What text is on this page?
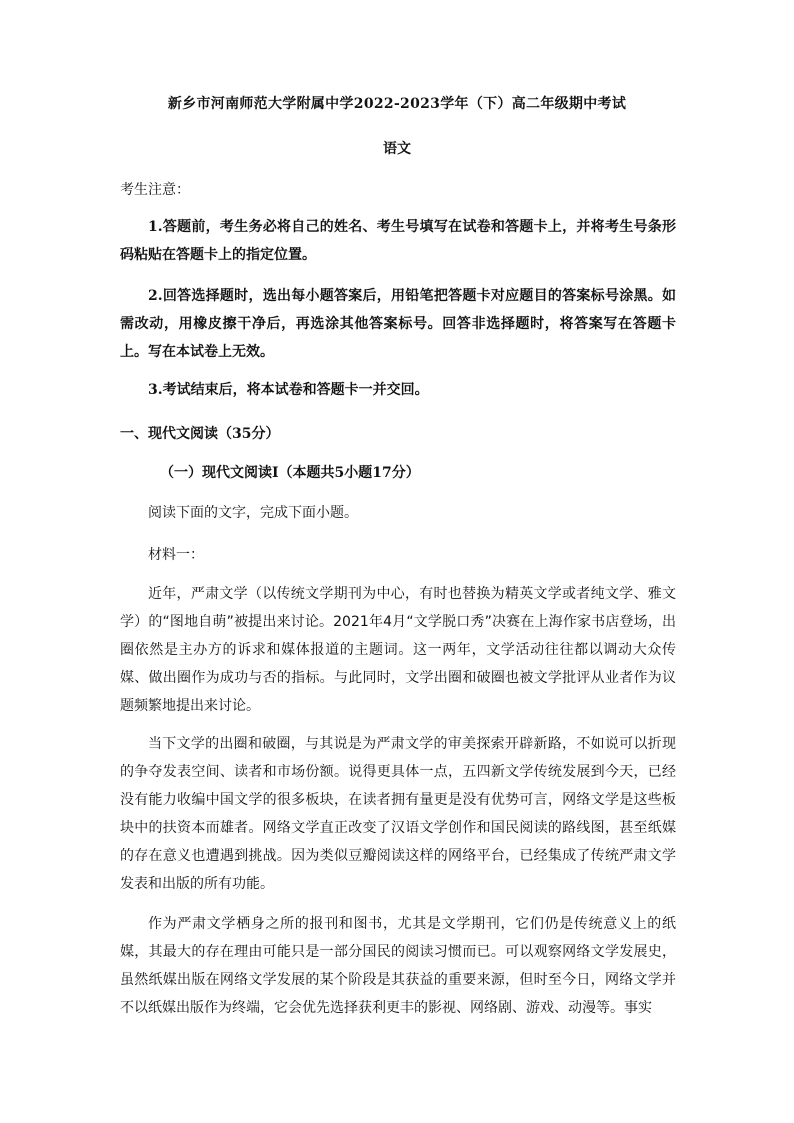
新乡市河南师范大学附属中学2022-2023学年（下）高二年级期中考试
语文
考生注意：
1.答题前，考生务必将自己的姓名、考生号填写在试卷和答题卡上，并将考生号条形码粘贴在答题卡上的指定位置。
2.回答选择题时，选出每小题答案后，用铅笔把答题卡对应题目的答案标号涂黑。如需改动，用橡皮擦干净后，再选涂其他答案标号。回答非选择题时，将答案写在答题卡上。写在本试卷上无效。
3.考试结束后，将本试卷和答题卡一并交回。
一、现代文阅读（35分）
（一）现代文阅读Ⅰ（本题共5小题17分）
阅读下面的文字，完成下面小题。
材料一：
近年，严肃文学（以传统文学期刊为中心，有时也替换为精英文学或者纯文学、雅文学）的“图地自萌”被提出来讨论。2021年4月“文学脱口秀”决赛在上海作家书店登场，出圈依然是主办方的诉求和媒体报道的主题词。这一两年，文学活动往往都以调动大众传媒、做出圈作为成功与否的指标。与此同时，文学出圈和破圈也被文学批评从业者作为议题频繁地提出来讨论。
当下文学的出圈和破圈，与其说是为严肃文学的审美探索开辟新路，不如说可以折现的争夺发表空间、读者和市场份额。说得更具体一点，五四新文学传统发展到今天，已经没有能力收编中国文学的很多板块，在读者拥有量更是没有优势可言，网络文学是这些板块中的扶资本而雄者。网络文学直正改变了汉语文学创作和国民阅读的路线图，甚至纸媒的存在意义也遭遇到挑战。因为类似豆瓣阅读这样的网络平台，已经集成了传统严肃文学发表和出版的所有功能。
作为严肃文学栖身之所的报刊和图书，尤其是文学期刊，它们仍是传统意义上的纸媒，其最大的存在理由可能只是一部分国民的阅读习惯而已。可以观察网络文学发展史，虽然纸媒出版在网络文学发展的某个阶段是其获益的重要来源，但时至今日，网络文学并不以纸媒出版作为终端，它会优先选择获利更丰的影视、网络剧、游戏、动漫等。事实
